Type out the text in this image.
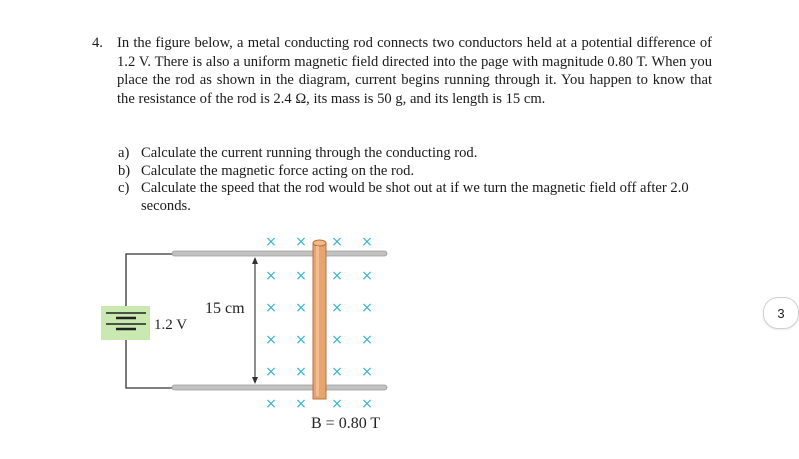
4. In the figure below, a metal conducting rod connects two conductors held at a potential difference of 1.2 V. There is also a uniform magnetic field directed into the page with magnitude 0.80 T. When you place the rod as shown in the diagram, current begins running through it. You happen to know that the resistance of the rod is 2.4 Ω, its mass is 50 g, and its length is 15 cm.
a) Calculate the current running through the conducting rod.
b) Calculate the magnetic force acting on the rod.
c) Calculate the speed that the rod would be shot out at if we turn the magnetic field off after 2.0 seconds.
1.2 V
15 cm
× × × ×
× × × ×
× × × ×
× × × ×
× × × ×
× × × ×
B = 0.80 T
3
